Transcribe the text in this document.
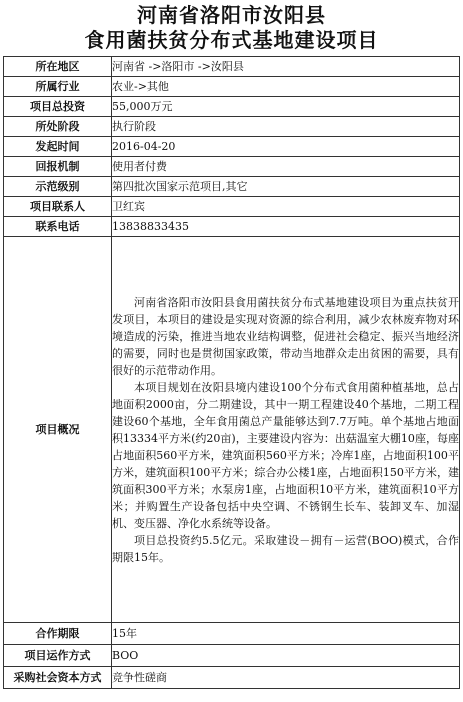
河南省洛阳市汝阳县
食用菌扶贫分布式基地建设项目
所在地区	河南省 ->洛阳市 ->汝阳县
所属行业	农业->其他
项目总投资	55,000万元
所处阶段	执行阶段
发起时间	2016-04-20
回报机制	使用者付费
示范级别	第四批次国家示范项目,其它
项目联系人	卫红宾
联系电话	13838833435
项目概况	河南省洛阳市汝阳县食用菌扶贫分布式基地建设项目为重点扶贫开发项目，本项目的建设是实现对资源的综合利用，减少农林废弃物对环境造成的污染，推进当地农业结构调整，促进社会稳定、振兴当地经济的需要，同时也是贯彻国家政策，带动当地群众走出贫困的需要，具有很好的示范带动作用。

本项目规划在汝阳县境内建设100个分布式食用菌种植基地，总占地面积2000亩，分二期建设，其中一期工程建设40个基地，二期工程建设60个基地，全年食用菌总产量能够达到7.7万吨。单个基地占地面积13334平方米(约20亩)，主要建设内容为：出菇温室大棚10座，每座占地面积560平方米，建筑面积560平方米；冷库1座，占地面积100平方米，建筑面积100平方米；综合办公楼1座，占地面积150平方米，建筑面积300平方米；水泵房1座，占地面积10平方米，建筑面积10平方米；并购置生产设备包括中央空调、不锈钢生长车、装卸叉车、加湿机、变压器、净化水系统等设备。

项目总投资约5.5亿元。采取建设－拥有－运营(BOO)模式，合作期限15年。

合作期限	15年
项目运作方式	BOO
采购社会资本方式	竞争性磋商
